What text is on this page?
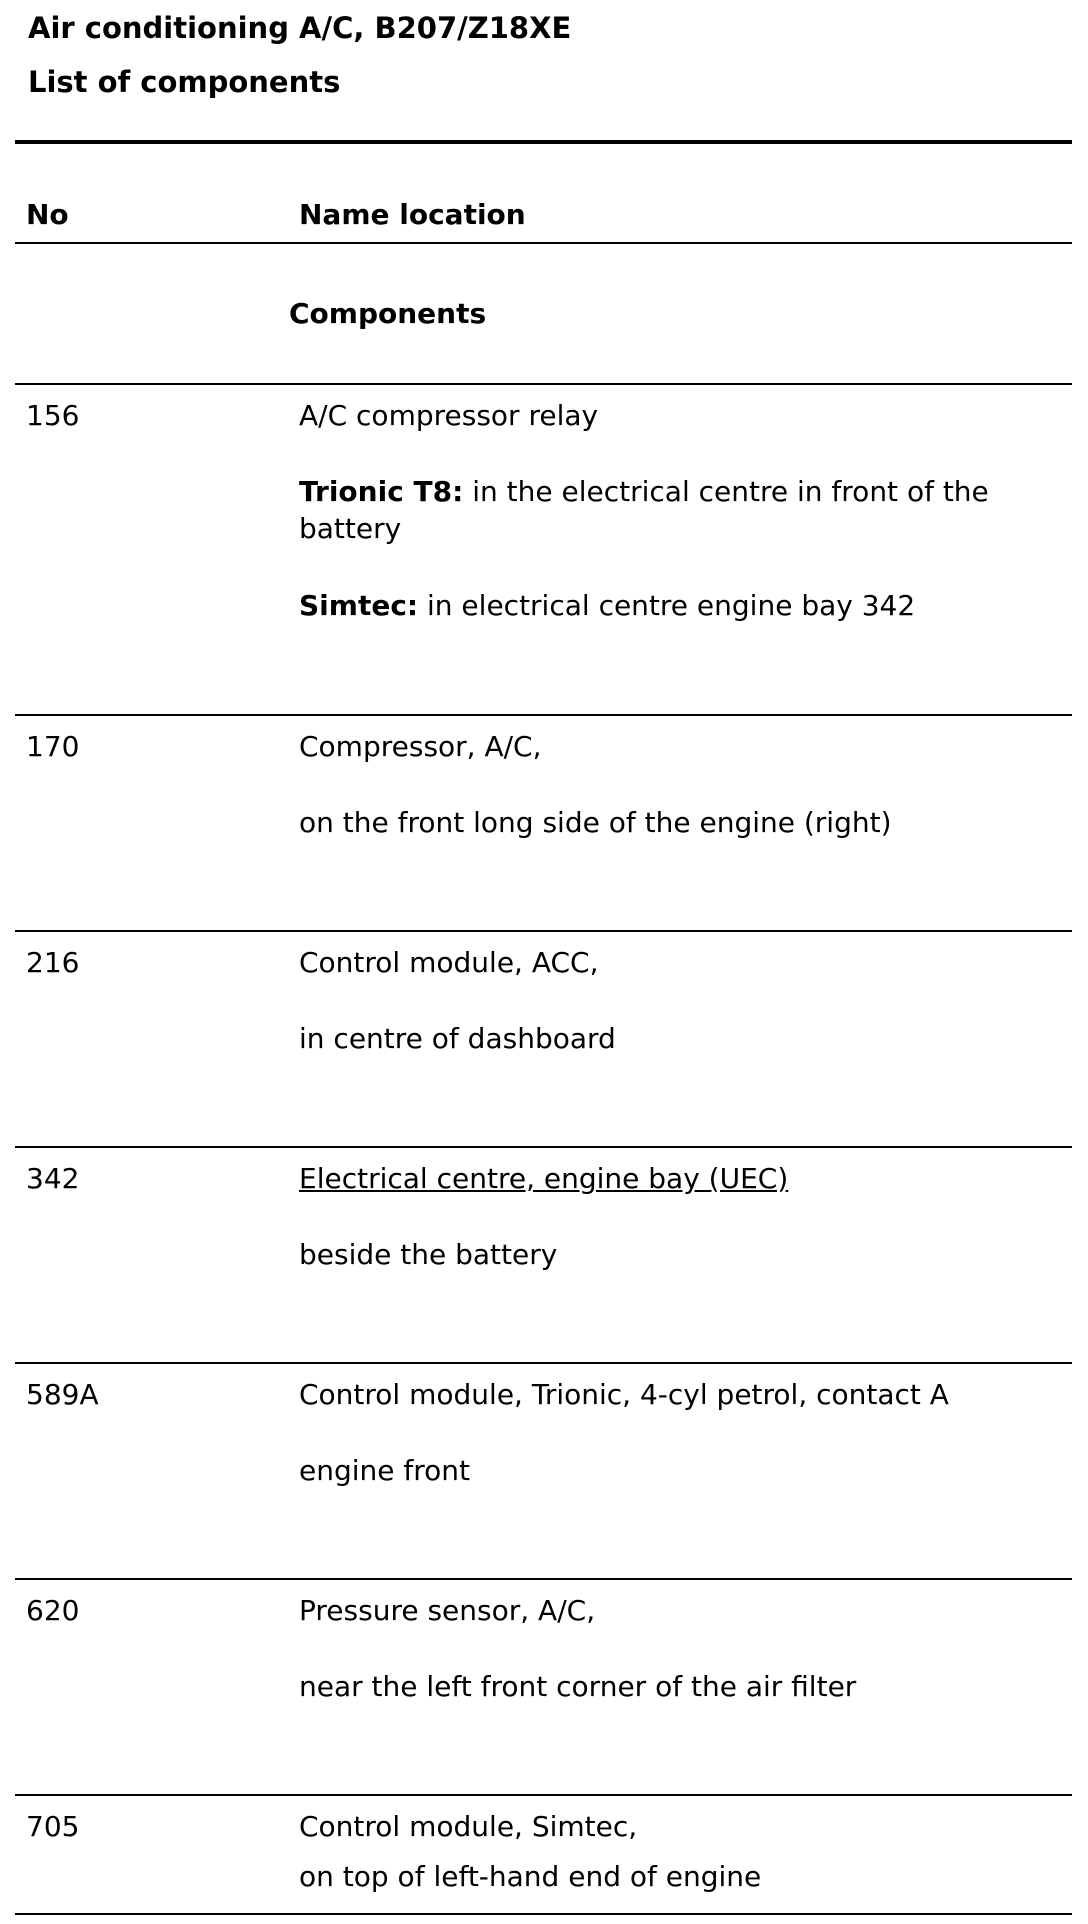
Air conditioning A/C, B207/Z18XE
List of components
No	Name location
Components
156	A/C compressor relay
Trionic T8: in the electrical centre in front of the battery
Simtec: in electrical centre engine bay 342
170	Compressor, A/C,
on the front long side of the engine (right)
216	Control module, ACC,
in centre of dashboard
342	Electrical centre, engine bay (UEC)
beside the battery
589A	Control module, Trionic, 4-cyl petrol, contact A
engine front
620	Pressure sensor, A/C,
near the left front corner of the air filter
705	Control module, Simtec,
on top of left-hand end of engine
